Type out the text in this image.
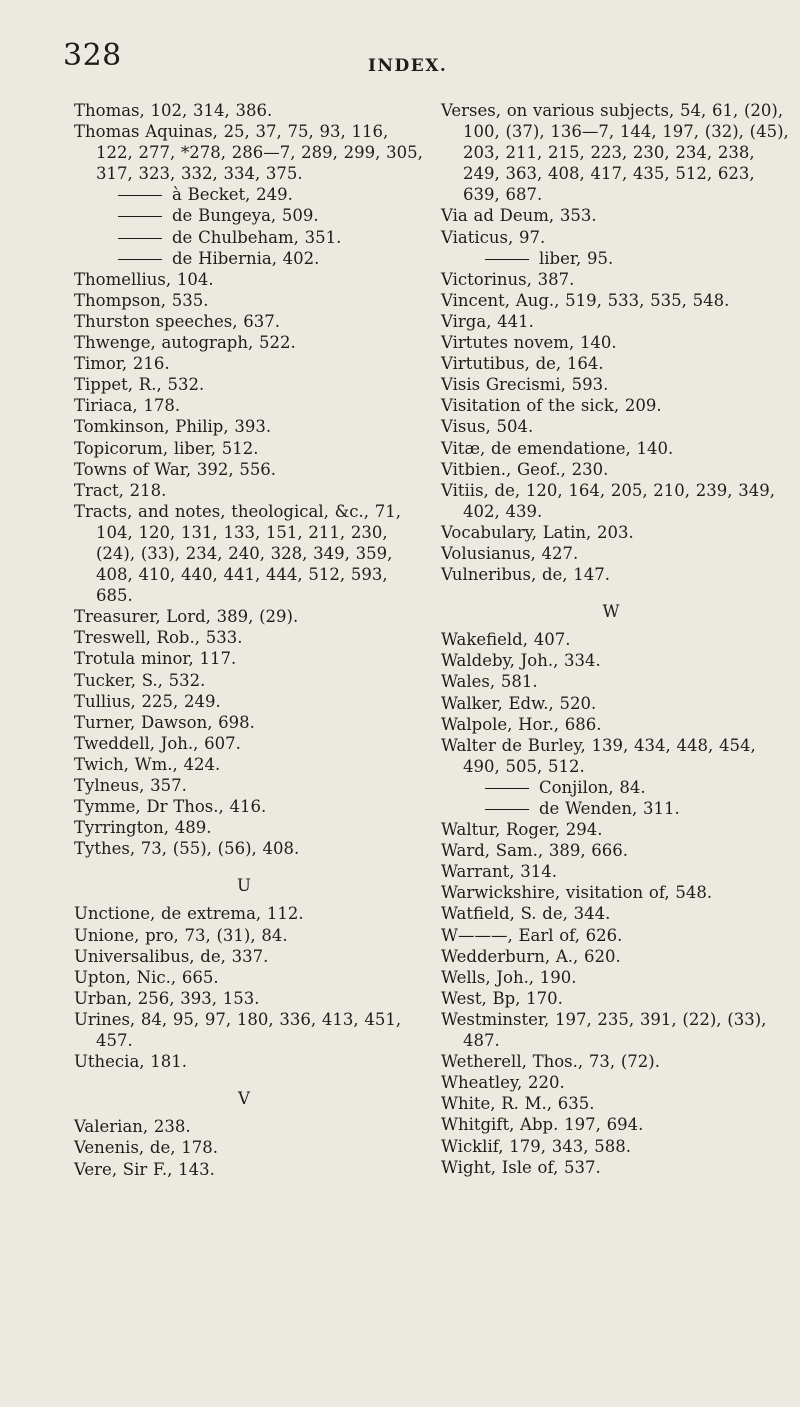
328	INDEX.
Thomas, 102, 314, 386.
Thomas Aquinas, 25, 37, 75, 93, 116, 122, 277, *278, 286—7, 289, 299, 305, 317, 323, 332, 334, 375.
à Becket, 249.
de Bungeya, 509.
de Chulbeham, 351.
de Hibernia, 402.
Thomellius, 104.
Thompson, 535.
Thurston speeches, 637.
Thwenge, autograph, 522.
Timor, 216.
Tippet, R., 532.
Tiriaca, 178.
Tomkinson, Philip, 393.
Topicorum, liber, 512.
Towns of War, 392, 556.
Tract, 218.
Tracts, and notes, theological, &c., 71, 104, 120, 131, 133, 151, 211, 230, (24), (33), 234, 240, 328, 349, 359, 408, 410, 440, 441, 444, 512, 593, 685.
Treasurer, Lord, 389, (29).
Treswell, Rob., 533.
Trotula minor, 117.
Tucker, S., 532.
Tullius, 225, 249.
Turner, Dawson, 698.
Tweddell, Joh., 607.
Twich, Wm., 424.
Tylneus, 357.
Tymme, Dr Thos., 416.
Tyrrington, 489.
Tythes, 73, (55), (56), 408.
U
Unctione, de extrema, 112.
Unione, pro, 73, (31), 84.
Universalibus, de, 337.
Upton, Nic., 665.
Urban, 256, 393, 153.
Urines, 84, 95, 97, 180, 336, 413, 451, 457.
Uthecia, 181.
V
Valerian, 238.
Venenis, de, 178.
Vere, Sir F., 143.
Verses, on various subjects, 54, 61, (20), 100, (37), 136—7, 144, 197, (32), (45), 203, 211, 215, 223, 230, 234, 238, 249, 363, 408, 417, 435, 512, 623, 639, 687.
Via ad Deum, 353.
Viaticus, 97.
liber, 95.
Victorinus, 387.
Vincent, Aug., 519, 533, 535, 548.
Virga, 441.
Virtutes novem, 140.
Virtutibus, de, 164.
Visis Grecismi, 593.
Visitation of the sick, 209.
Visus, 504.
Vitæ, de emendatione, 140.
Vitbien., Geof., 230.
Vitiis, de, 120, 164, 205, 210, 239, 349, 402, 439.
Vocabulary, Latin, 203.
Volusianus, 427.
Vulneribus, de, 147.
W
Wakefield, 407.
Waldeby, Joh., 334.
Wales, 581.
Walker, Edw., 520.
Walpole, Hor., 686.
Walter de Burley, 139, 434, 448, 454, 490, 505, 512.
Conjilon, 84.
de Wenden, 311.
Waltur, Roger, 294.
Ward, Sam., 389, 666.
Warrant, 314.
Warwickshire, visitation of, 548.
Watfield, S. de, 344.
W———, Earl of, 626.
Wedderburn, A., 620.
Wells, Joh., 190.
West, Bp, 170.
Westminster, 197, 235, 391, (22), (33), 487.
Wetherell, Thos., 73, (72).
Wheatley, 220.
White, R. M., 635.
Whitgift, Abp. 197, 694.
Wicklif, 179, 343, 588.
Wight, Isle of, 537.
